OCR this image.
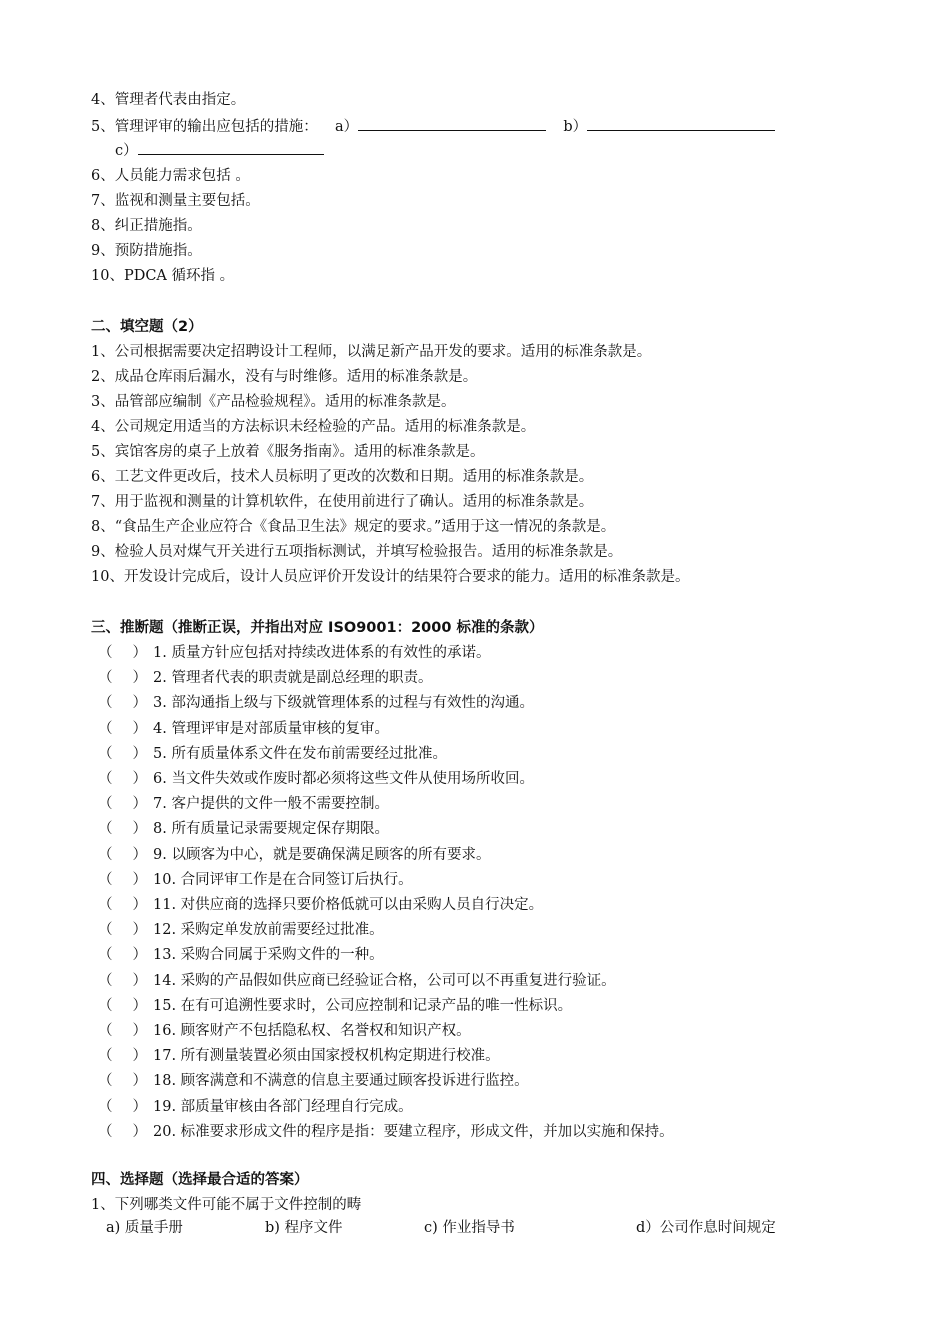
4、管理者代表由指定。
5、管理评审的输出应包括的措施： a）	b）
c）
6、人员能力需求包括 。
7、监视和测量主要包括。
8、纠正措施指。
9、预防措施指。
10、PDCA 循环指 。
二、填空题（2）
1、公司根据需要决定招聘设计工程师，以满足新产品开发的要求。适用的标准条款是。
2、成品仓库雨后漏水，没有与时维修。适用的标准条款是。
3、品管部应编制《产品检验规程》。适用的标准条款是。
4、公司规定用适当的方法标识未经检验的产品。适用的标准条款是。
5、宾馆客房的桌子上放着《服务指南》。适用的标准条款是。
6、工艺文件更改后，技术人员标明了更改的次数和日期。适用的标准条款是。
7、用于监视和测量的计算机软件，在使用前进行了确认。适用的标准条款是。
8、“食品生产企业应符合《食品卫生法》规定的要求。”适用于这一情况的条款是。
9、检验人员对煤气开关进行五项指标测试，并填写检验报告。适用的标准条款是。
10、开发设计完成后，设计人员应评价开发设计的结果符合要求的能力。适用的标准条款是。
三、推断题（推断正误，并指出对应 ISO9001：2000 标准的条款）
（ ） 1. 质量方针应包括对持续改进体系的有效性的承诺。
（ ） 2. 管理者代表的职责就是副总经理的职责。
（ ） 3. 部沟通指上级与下级就管理体系的过程与有效性的沟通。
（ ） 4. 管理评审是对部质量审核的复审。
（ ） 5. 所有质量体系文件在发布前需要经过批准。
（ ） 6. 当文件失效或作废时都必须将这些文件从使用场所收回。
（ ） 7. 客户提供的文件一般不需要控制。
（ ） 8. 所有质量记录需要规定保存期限。
（ ） 9. 以顾客为中心，就是要确保满足顾客的所有要求。
（ ） 10. 合同评审工作是在合同签订后执行。
（ ） 11. 对供应商的选择只要价格低就可以由采购人员自行决定。
（ ） 12. 采购定单发放前需要经过批准。
（ ） 13. 采购合同属于采购文件的一种。
（ ） 14. 采购的产品假如供应商已经验证合格，公司可以不再重复进行验证。
（ ） 15. 在有可追溯性要求时，公司应控制和记录产品的唯一性标识。
（ ） 16. 顾客财产不包括隐私权、名誉权和知识产权。
（ ） 17. 所有测量装置必须由国家授权机构定期进行校准。
（ ） 18. 顾客满意和不满意的信息主要通过顾客投诉进行监控。
（ ） 19. 部质量审核由各部门经理自行完成。
（ ） 20. 标准要求形成文件的程序是指：要建立程序，形成文件，并加以实施和保持。
四、选择题（选择最合适的答案）
1、下列哪类文件可能不属于文件控制的畴
a) 质量手册	b) 程序文件	c) 作业指导书	d）公司作息时间规定
